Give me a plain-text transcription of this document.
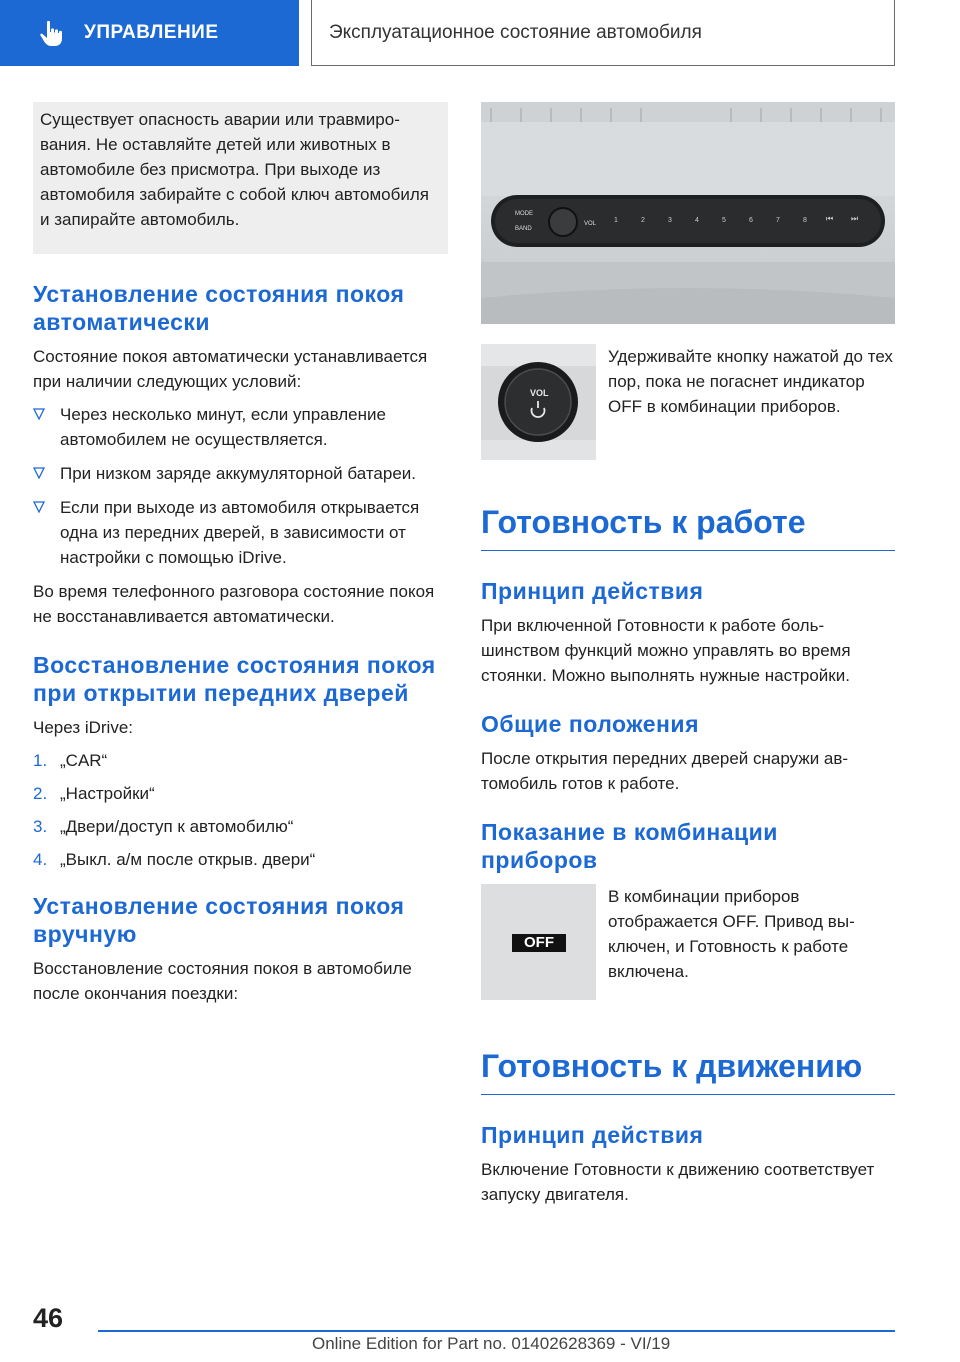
УПРАВЛЕНИЕ	Эксплуатационное состояние автомобиля

Существует опасность аварии или травмирования. Не оставляйте детей или животных в автомобиле без присмотра. При выходе из автомобиля забирайте с собой ключ автомобиля и запирайте автомобиль.

Установление состояния покоя автоматически

Состояние покоя автоматически устанавливается при наличии следующих условий:

Через несколько минут, если управление автомобилем не осуществляется.
При низком заряде аккумуляторной батареи.
Если при выходе из автомобиля открывается одна из передних дверей, в зависимости от настройки с помощью iDrive.

Во время телефонного разговора состояние покоя не восстанавливается автоматически.

Восстановление состояния покоя при открытии передних дверей

Через iDrive:

1. „CAR“
2. „Настройки“
3. „Двери/доступ к автомобилю“
4. „Выкл. а/м после открыв. двери“
Установление состояния покоя вручную

Восстановление состояния покоя в автомобиле после окончания поездки:

MODE
BAND
VOL	1	2	3	4	5	6	7	8 ⏮ ⏭
VOL

Удерживайте кнопку нажатой до тех пор, пока не погаснет индикатор OFF в комбинации приборов.

Готовность к работе
Принцип действия

При включенной Готовности к работе большинством функций можно управлять во время стоянки. Можно выполнять нужные настройки.

Общие положения

После открытия передних дверей снаружи автомобиль готов к работе.

Показание в комбинации приборов
OFF

В комбинации приборов отображается OFF. Привод выключен, и Готовность к работе включена.

Готовность к движению
Принцип действия

Включение Готовности к движению соответствует запуску двигателя.

46
Online Edition for Part no. 01402628369 - VI/19
